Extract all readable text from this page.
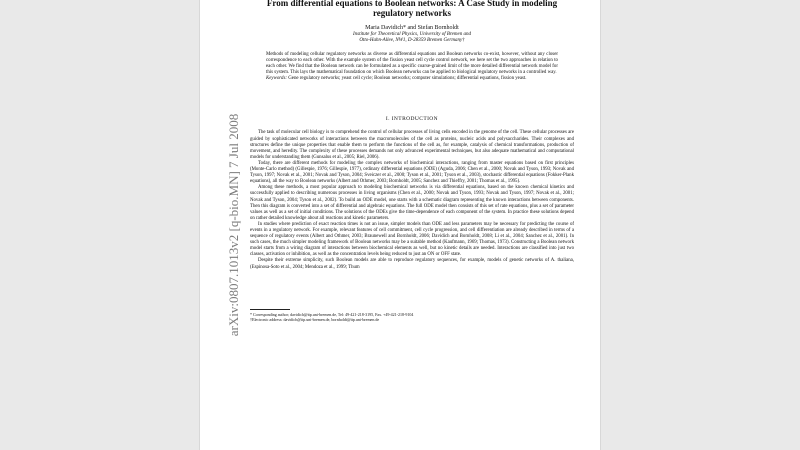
arXiv:0807.1013v2 [q-bio.MN] 7 Jul 2008
From differential equations to Boolean networks: A Case Study in modeling regulatory networks
Maria Davidich* and Stefan Bornholdt
Institute for Theoretical Physics, University of Bremen and
Otto-Hahn-Allee, NW1, D-28359 Bremen Germany†
Methods of modeling cellular regulatory networks as diverse as differential equations and Boolean networks co-exist, however, without any closer correspondence to each other. With the example system of the fission yeast cell cycle control network, we here set the two approaches in relation to each other. We find that the Boolean network can be formulated as a specific coarse-grained limit of the more detailed differential network model for this system. This lays the mathematical foundation on which Boolean networks can be applied to biological regulatory networks in a controlled way.
Keywords: Gene regulatory networks; yeast cell cycle; Boolean networks; computer simulations; differential equations, fission yeast.
I. INTRODUCTION

The task of molecular cell biology is to comprehend the control of cellular processes of living cells encoded in the genome of the cell. These cellular processes are guided by sophisticated networks of interactions between the macromolecules of the cell as proteins, nucleic acids and polysaccharides. Their complexes and structures define the unique properties that enable them to perform the functions of the cell as, for example, catalysis of chemical transformations, production of movement, and heredity. The complexity of these processes demands not only advanced experimental techniques, but also adequate mathematical and computational models for understanding them (Gunsalus et al., 2005; Riel, 2006).

Today, there are different methods for modeling the complex networks of biochemical interactions, ranging from master equations based on first principles (Monte-Carlo method) (Gillespie, 1976; Gillespie, 1977), ordinary differential equations (ODE) (Aguda, 2006; Chen et al., 2000; Novak and Tyson, 1993; Novak and Tyson, 1997; Novak et al., 2001; Novak and Tyson, 2004; Sveiczer et al., 2000; Tyson et al., 2001; Tyson et al., 2003), stochastic differential equations (Fokker-Plank equations), all the way to Boolean networks (Albert and Othmer, 2003; Bornholdt, 2005; Sanchez and Thieffry, 2001; Thomas et al., 1995).

Among these methods, a most popular approach to modeling biochemical networks is via differential equations, based on the known chemical kinetics and successfully applied to describing numerous processes in living organisms (Chen et al., 2000; Novak and Tyson, 1993; Novak and Tyson, 1997; Novak et al., 2001; Novak and Tyson, 2004; Tyson et al., 2002). To build an ODE model, one starts with a schematic diagram representing the known interactions between components. Then this diagram is converted into a set of differential and algebraic equations. The full ODE model then consists of this set of rate equations, plus a set of parameter values as well as a set of initial conditions. The solutions of the ODEs give the time-dependence of each component of the system. In practice these solutions depend on rather detailed knowledge about all reactions and kinetic parameters.

In studies where prediction of exact reaction times is not an issue, simpler models than ODE and less parameters may be necessary for predicting the course of events in a regulatory network. For example, relevant features of cell commitment, cell cycle progression, and cell differentiation are already described in terms of a sequence of regulatory events (Albert and Othmer, 2003; Braunewell and Bornholdt, 2006; Davidich and Bornholdt, 2008; Li et al., 2004; Sanchez et al., 2001). In such cases, the much simpler modeling framework of Boolean networks may be a suitable method (Kaufmann, 1969; Thomas, 1973). Constructing a Boolean network model starts from a wiring diagram of interactions between biochemical elements as well, but no kinetic details are needed. Interactions are classified into just two classes, activation or inhibition, as well as the concentration levels being reduced to just an ON or OFF state.

Despite their extreme simplicity, such Boolean models are able to reproduce regulatory sequences, for example, models of genetic networks of A. thaliana, (Espinosa-Soto et al., 2004; Mendoza et al., 1999; Thum

* Corresponding author; davidich@itp.uni-bremen.de, Tel: 49-421-218-3195, Fax. +49-421-218-9104
†Electronic address: davidich@itp.uni-bremen.de, bornholdt@itp.uni-bremen.de
